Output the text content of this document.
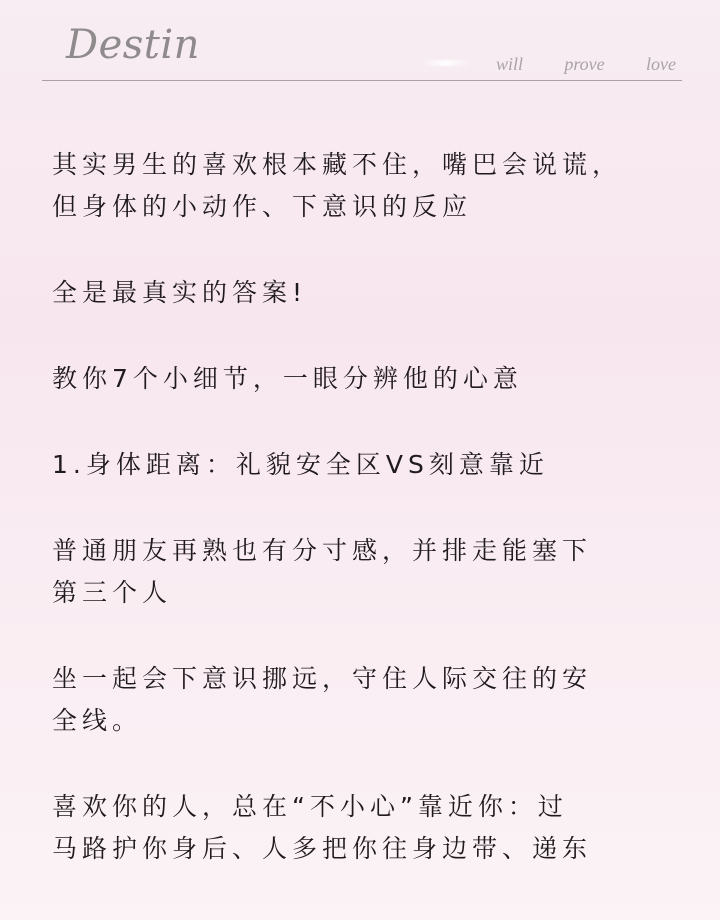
Destin	will prove love

其实男生的喜欢根本藏不住，嘴巴会说谎，
但身体的小动作、下意识的反应

全是最真实的答案!

教你7个小细节，一眼分辨他的心意

1.身体距离：礼貌安全区VS刻意靠近

普通朋友再熟也有分寸感，并排走能塞下
第三个人

坐一起会下意识挪远，守住人际交往的安
全线。

喜欢你的人，总在“不小心”靠近你：过
马路护你身后、人多把你往身边带、递东
